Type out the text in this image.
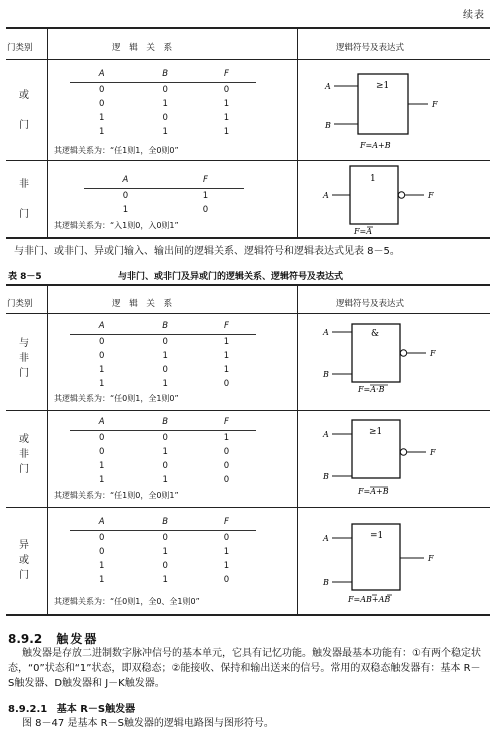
续表
门类别	逻 辑 关 系	逻辑符号及表达式
或
门
A	B	F
0	0	0
0	1	1
1	0	1
1	1	1
其逻辑关系为：“任1则1，全0则0”
A
B
F
≥1
F=A+B
非
门
A	F
0	1
1	0
其逻辑关系为：“入1则0，入0则1”
A	F
1
F=A
与非门、或非门、异或门输入、输出间的逻辑关系、逻辑符号和逻辑表达式见表 8－5。
表 8－5	与非门、或非门及异或门的逻辑关系、逻辑符号及表达式
门类别	逻 辑 关 系	逻辑符号及表达式
与
非
门
A	B	F
0	0	1
0	1	1
1	0	1
1	1	0
其逻辑关系为：“任0则1，全1则0”
A
B
F
&
F=A·B
或
非
门
A	B	F
0	0	1
0	1	0
1	0	0
1	1	0
其逻辑关系为：“任1则0，全0则1”
A
B
F
≥1
F=A+B
异
或
门
A	B	F
0	0	0
0	1	1
1	0	1
1	1	0
其逻辑关系为：“任0则1，全0、全1则0”
A
B
F
=1
F=AB+AB
8.9.2 触发器
触发器是存放二进制数字脉冲信号的基本单元，它具有记忆功能。触发器最基本功能有：①有两个稳定状态，“0”状态和“1”状态，即双稳态；②能接收、保持和输出送来的信号。常用的双稳态触发器有：基本 R－S触发器、D触发器和 J－K触发器。
8.9.2.1 基本 R－S触发器
图 8－47 是基本 R－S触发器的逻辑电路图与图形符号。
